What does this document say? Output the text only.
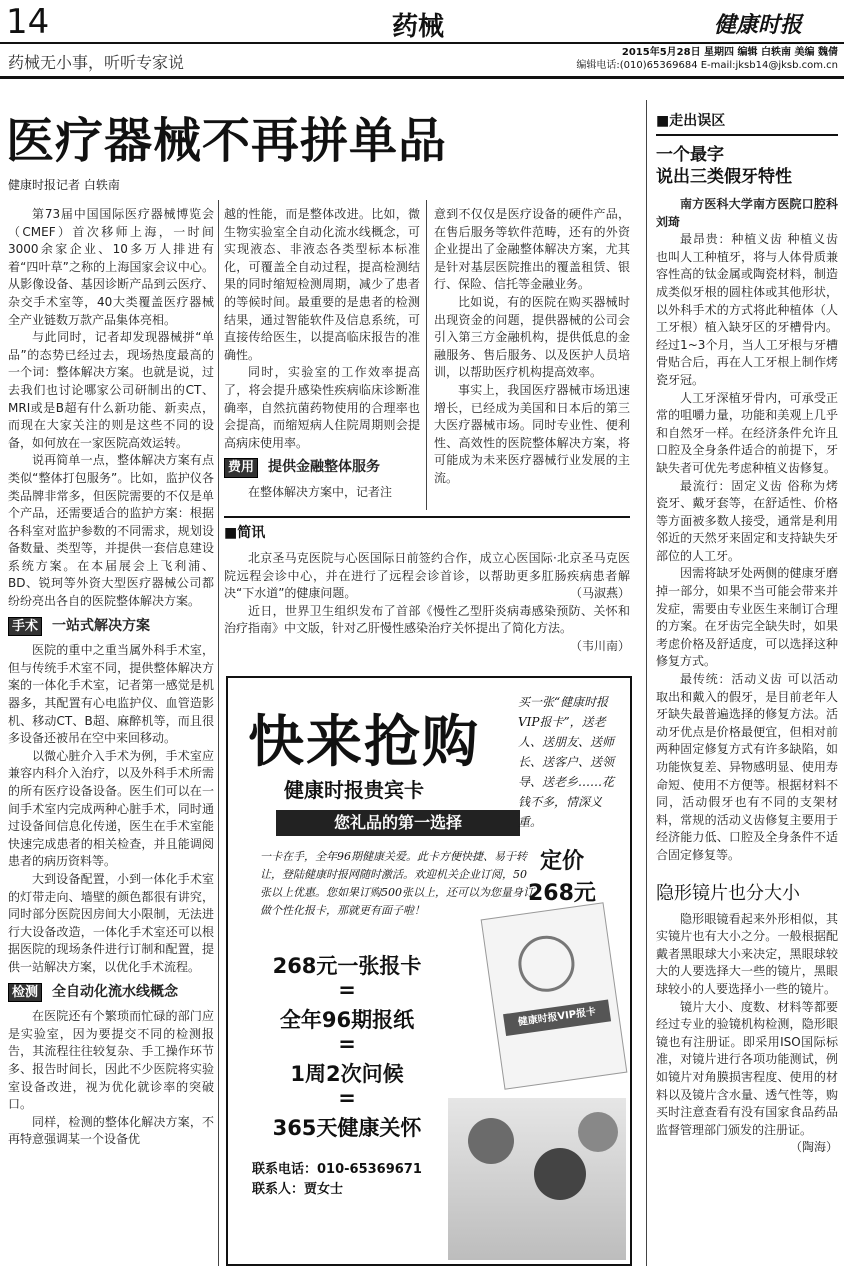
14	药械	健康时报
药械无小事，听听专家说
2015年5月28日 星期四 编辑 白轶南 美编 魏倩
编辑电话:(010)65369684 E-mail:jksb14@jksb.com.cn
医疗器械不再拼单品
健康时报记者 白轶南

第73届中国国际医疗器械博览会（CMEF）首次移师上海，一时间3000余家企业、10多万人排进有着“四叶草”之称的上海国家会议中心。从影像设备、基因诊断产品到云医疗、杂交手术室等，40大类覆盖医疗器械全产业链数万款产品集体亮相。

与此同时，记者却发现器械拼“单品”的态势已经过去，现场热度最高的一个词：整体解决方案。也就是说，过去我们也讨论哪家公司研制出的CT、MRI或是B超有什么新功能、新卖点，而现在大家关注的则是这些不同的设备，如何放在一家医院高效运转。

说再简单一点，整体解决方案有点类似“整体打包服务”。比如，监护仪各类品牌非常多，但医院需要的不仅是单个产品，还需要适合的监护方案：根据各科室对监护参数的不同需求，规划设备数量、类型等，并提供一套信息建设系统方案。在本届展会上飞利浦、BD、锐珂等外资大型医疗器械公司都纷纷亮出各自的医院整体解决方案。

手术 一站式解决方案

医院的重中之重当属外科手术室，但与传统手术室不同，提供整体解决方案的一体化手术室，记者第一感觉是机器多，其配置有心电监护仪、血管造影机、移动CT、B超、麻醉机等，而且很多设备还被吊在空中来回移动。

以微心脏介入手术为例，手术室应兼容内科介入治疗，以及外科手术所需的所有医疗设备设备。医生们可以在一间手术室内完成两种心脏手术，同时通过设备间信息化传递，医生在手术室能快速完成患者的相关检查，并且能调阅患者的病历资料等。

大到设备配置，小到一体化手术室的灯带走向、墙壁的颜色都很有讲究，同时部分医院因房间大小限制，无法进行大设备改造，一体化手术室还可以根据医院的现场条件进行订制和配置，提供一站解决方案，以优化手术流程。

检测 全自动化流水线概念

在医院还有个繁琐而忙碌的部门应是实验室，因为要提交不同的检测报告，其流程往往较复杂、手工操作环节多、报告时间长，因此不少医院将实验室设备改进，视为优化就诊率的突破口。

同样，检测的整体化解决方案，不再特意强调某一个设备优

越的性能，而是整体改进。比如，微生物实验室全自动化流水线概念，可实现液态、非液态各类型标本标准化，可覆盖全自动过程，提高检测结果的同时缩短检测周期，减少了患者的等候时间。最重要的是患者的检测结果，通过智能软件及信息系统，可直接传给医生，以提高临床报告的准确性。

同时，实验室的工作效率提高了，将会提升感染性疾病临床诊断准确率，自然抗菌药物使用的合理率也会提高，而缩短病人住院周期则会提高病床使用率。

费用 提供金融整体服务

在整体解决方案中，记者注

意到不仅仅是医疗设备的硬件产品，在售后服务等软件范畴，还有的外资企业提出了金融整体解决方案，尤其是针对基层医院推出的覆盖租赁、银行、保险、信托等金融业务。

比如说，有的医院在购买器械时出现资金的问题，提供器械的公司会引入第三方金融机构，提供低息的金融服务、售后服务、以及医护人员培训，以帮助医疗机构提高效率。

事实上，我国医疗器械市场迅速增长，已经成为美国和日本后的第三大医疗器械市场。同时专业性、便利性、高效性的医院整体解决方案，将可能成为未来医疗器械行业发展的主流。

■简讯

北京圣马克医院与心医国际日前签约合作，成立心医国际·北京圣马克医院远程会诊中心，并在进行了远程会诊首诊，以帮助更多肛肠疾病患者解决“下水道”的健康问题。	（马淑燕）

近日，世界卫生组织发布了首部《慢性乙型肝炎病毒感染预防、关怀和治疗指南》中文版，针对乙肝慢性感染治疗关怀提出了简化方法。
（韦川南）

快来抢购
健康时报贵宾卡
您礼品的第一选择
买一张“健康时报VIP报卡”，送老人、送朋友、送师长、送客户、送领导、送老乡……花钱不多，情深义重。
一卡在手，全年96期健康关爱。此卡方便快捷、易于转让，登陆健康时报网随时激活。欢迎机关企业订阅，50张以上优惠。您如果订购500张以上，还可以为您量身订做个性化报卡，那就更有面子啦！
定价
268元
268元一张报卡
=
全年96期报纸
=
1周2次问候
=
365天健康关怀
联系电话：010-65369671
联系人：贾女士
健康时报VIP报卡
■走出误区
一个最字
说出三类假牙特性

南方医科大学南方医院口腔科 刘琦

最昂贵：种植义齿 种植义齿也叫人工种植牙，将与人体骨质兼容性高的钛金属或陶瓷材料，制造成类似牙根的圆柱体或其他形状，以外科手术的方式将此种植体（人工牙根）植入缺牙区的牙槽骨内。经过1~3个月，当人工牙根与牙槽骨贴合后，再在人工牙根上制作烤瓷牙冠。

人工牙深植牙骨内，可承受正常的咀嚼力量，功能和美观上几乎和自然牙一样。在经济条件允许且口腔及全身条件适合的前提下，牙缺失者可优先考虑种植义齿修复。

最流行：固定义齿 俗称为烤瓷牙、戴牙套等，在舒适性、价格等方面被多数人接受，通常是利用邻近的天然牙来固定和支持缺失牙部位的人工牙。

因需将缺牙处两侧的健康牙磨掉一部分，如果不当可能会带来并发症，需要由专业医生来制订合理的方案。在牙齿完全缺失时，如果考虑价格及舒适度，可以选择这种修复方式。

最传统：活动义齿 可以活动取出和戴入的假牙，是目前老年人牙缺失最普遍选择的修复方法。活动牙优点是价格最便宜，但相对前两种固定修复方式有许多缺陷，如功能恢复差、异物感明显、使用寿命短、使用不方便等。根据材料不同，活动假牙也有不同的支架材料，常规的活动义齿修复主要用于经济能力低、口腔及全身条件不适合固定修复等。

隐形镜片也分大小

隐形眼镜看起来外形相似，其实镜片也有大小之分。一般根据配戴者黑眼球大小来决定，黑眼球较大的人要选择大一些的镜片，黑眼球较小的人要选择小一些的镜片。

镜片大小、度数、材料等都要经过专业的验镜机构检测，隐形眼镜也有注册证。即采用ISO国际标准，对镜片进行各项功能测试，例如镜片对角膜损害程度、使用的材料以及镜片含水量、透气性等，购买时注意查看有没有国家食品药品监督管理部门颁发的注册证。

（陶海）
